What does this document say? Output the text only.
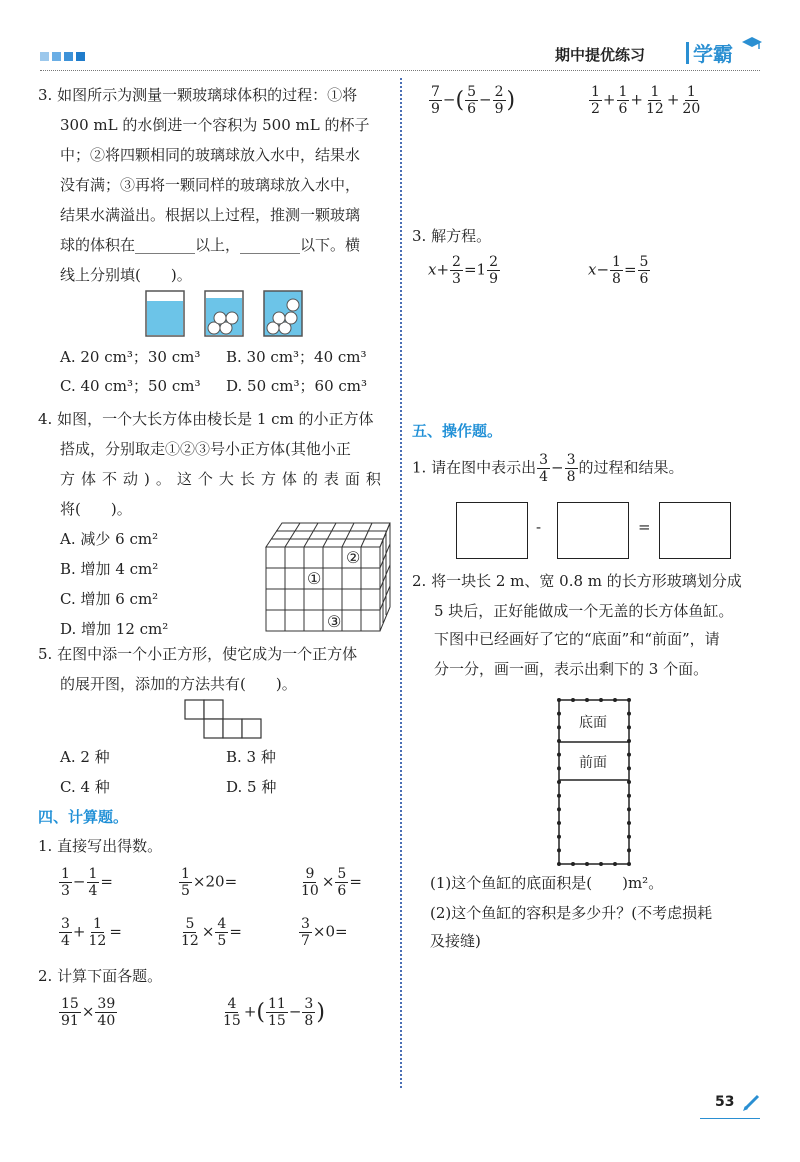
期中提优练习 学霸
3. 如图所示为测量一颗玻璃球体积的过程：①将
300 mL 的水倒进一个容积为 500 mL 的杯子
中；②将四颗相同的玻璃球放入水中，结果水
没有满；③再将一颗同样的玻璃球放入水中，
结果水满溢出。根据以上过程，推测一颗玻璃
球的体积在________以上，________以下。横
线上分别填(　　)。
A. 20 cm³；30 cm³ B. 30 cm³；40 cm³
C. 40 cm³；50 cm³ D. 50 cm³；60 cm³
4. 如图，一个大长方体由棱长是 1 cm 的小正方体
搭成，分别取走①②③号小正方体(其他小正
方体不动)。这个大长方体的表面积
将(　　)。
A. 减少 6 cm²
B. 增加 4 cm²
C. 增加 6 cm²
D. 增加 12 cm²
①
②
③
5. 在图中添一个小正方形，使它成为一个正方体
的展开图，添加的方法共有(　　)。
A. 2 种	B. 3 种
C. 4 种	D. 5 种
四、计算题。
1. 直接写出得数。
$\frac{1}{3} - \frac{1}{4}$ =	$\frac{1}{5} \times 20=$	$\frac{9}{10} \times \frac{5}{6}$ =
$\frac{3}{4} + \frac{1}{12}$ =	$\frac{5}{12} \times \frac{4}{5}$ =	$\frac{3}{7} \times 0=$
2. 计算下面各题。
$\frac{15}{91} \times \frac{39}{40}$	$\frac{4}{15}$ +( $\frac{11}{15} - \frac{3}{8}$ )
$\frac{7}{9}$ −( $\frac{5}{6} - \frac{2}{9}$ )	$\frac{1}{2} + \frac{1}{6} + \frac{1}{12} + \frac{1}{20}$
3. 解方程。
$x+ \frac{2}{3} =1 \frac{2}{9}$	$x- \frac{1}{8} = \frac{5}{6}$
五、操作题。
1. 请在图中表示出 $\frac{3}{4} - \frac{3}{8}$ 的过程和结果。
-	=
2. 将一块长 2 m、宽 0.8 m 的长方形玻璃划分成
5 块后，正好能做成一个无盖的长方体鱼缸。
下图中已经画好了它的“底面”和“前面”，请
分一分，画一画，表示出剩下的 3 个面。
底面
前面
(1)这个鱼缸的底面积是(　　)m²。
(2)这个鱼缸的容积是多少升？(不考虑损耗
及接缝)
53
